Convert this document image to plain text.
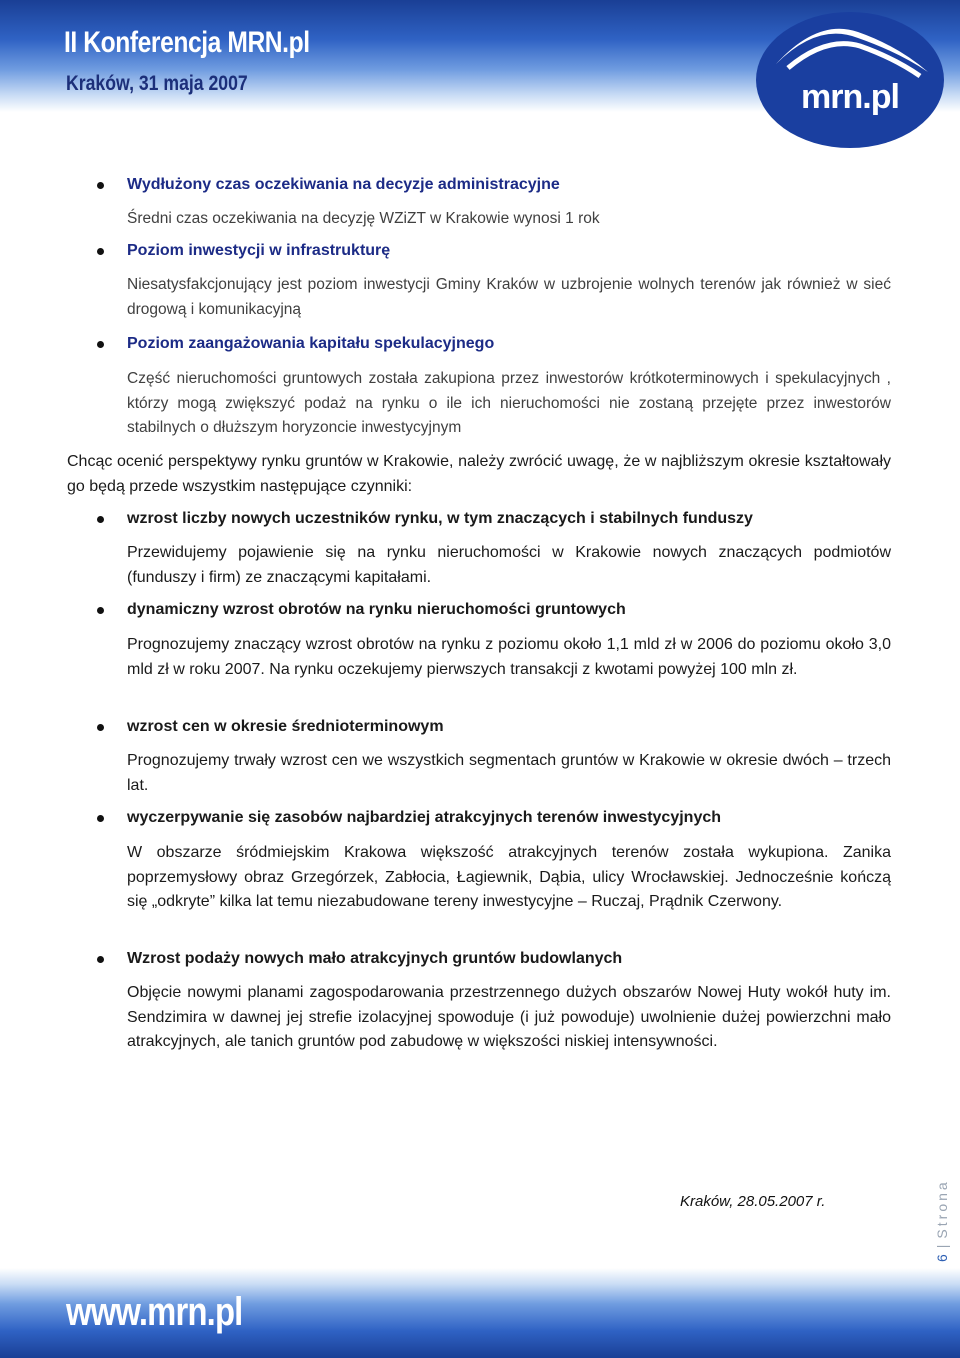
II Konferencja MRN.pl
Kraków, 31 maja 2007	mrn.pl
Wydłużony czas oczekiwania na decyzje administracyjne

Średni czas oczekiwania na decyzję WZiZT w Krakowie wynosi 1 rok

Poziom inwestycji w infrastrukturę

Niesatysfakcjonujący jest poziom inwestycji Gminy Kraków w uzbrojenie wolnych terenów jak również w sieć drogową i komunikacyjną

Poziom zaangażowania kapitału spekulacyjnego

Część nieruchomości gruntowych została zakupiona przez inwestorów krótkoterminowych i spekulacyjnych , którzy mogą zwiększyć podaż na rynku o ile ich nieruchomości nie zostaną przejęte przez inwestorów stabilnych o dłuższym horyzoncie inwestycyjnym

Chcąc ocenić perspektywy rynku gruntów w Krakowie, należy zwrócić uwagę, że w najbliższym okresie kształtowały go będą przede wszystkim następujące czynniki:

wzrost liczby nowych uczestników rynku, w tym znaczących i stabilnych funduszy

Przewidujemy pojawienie się na rynku nieruchomości w Krakowie nowych znaczących podmiotów (funduszy i firm) ze znaczącymi kapitałami.

dynamiczny wzrost obrotów na rynku nieruchomości gruntowych

Prognozujemy znaczący wzrost obrotów na rynku z poziomu około 1,1 mld zł w 2006 do poziomu około 3,0 mld zł w roku 2007. Na rynku oczekujemy pierwszych transakcji z kwotami powyżej 100 mln zł.

wzrost cen w okresie średnioterminowym

Prognozujemy trwały wzrost cen we wszystkich segmentach gruntów w Krakowie w okresie dwóch – trzech lat.

wyczerpywanie się zasobów najbardziej atrakcyjnych terenów inwestycyjnych

W obszarze śródmiejskim Krakowa większość atrakcyjnych terenów została wykupiona. Zanika poprzemysłowy obraz Grzegórzek, Zabłocia, Łagiewnik, Dąbia, ulicy Wrocławskiej. Jednocześnie kończą się „odkryte” kilka lat temu niezabudowane tereny inwestycyjne – Ruczaj, Prądnik Czerwony.

Wzrost podaży nowych mało atrakcyjnych gruntów budowlanych

Objęcie nowymi planami zagospodarowania przestrzennego dużych obszarów Nowej Huty wokół huty im. Sendzimira w dawnej jej strefie izolacyjnej spowoduje (i już powoduje) uwolnienie dużej powierzchni mało atrakcyjnych, ale tanich gruntów pod zabudowę w większości niskiej intensywności.

Kraków, 28.05.2007 r.
6|Strona
www.mrn.pl
